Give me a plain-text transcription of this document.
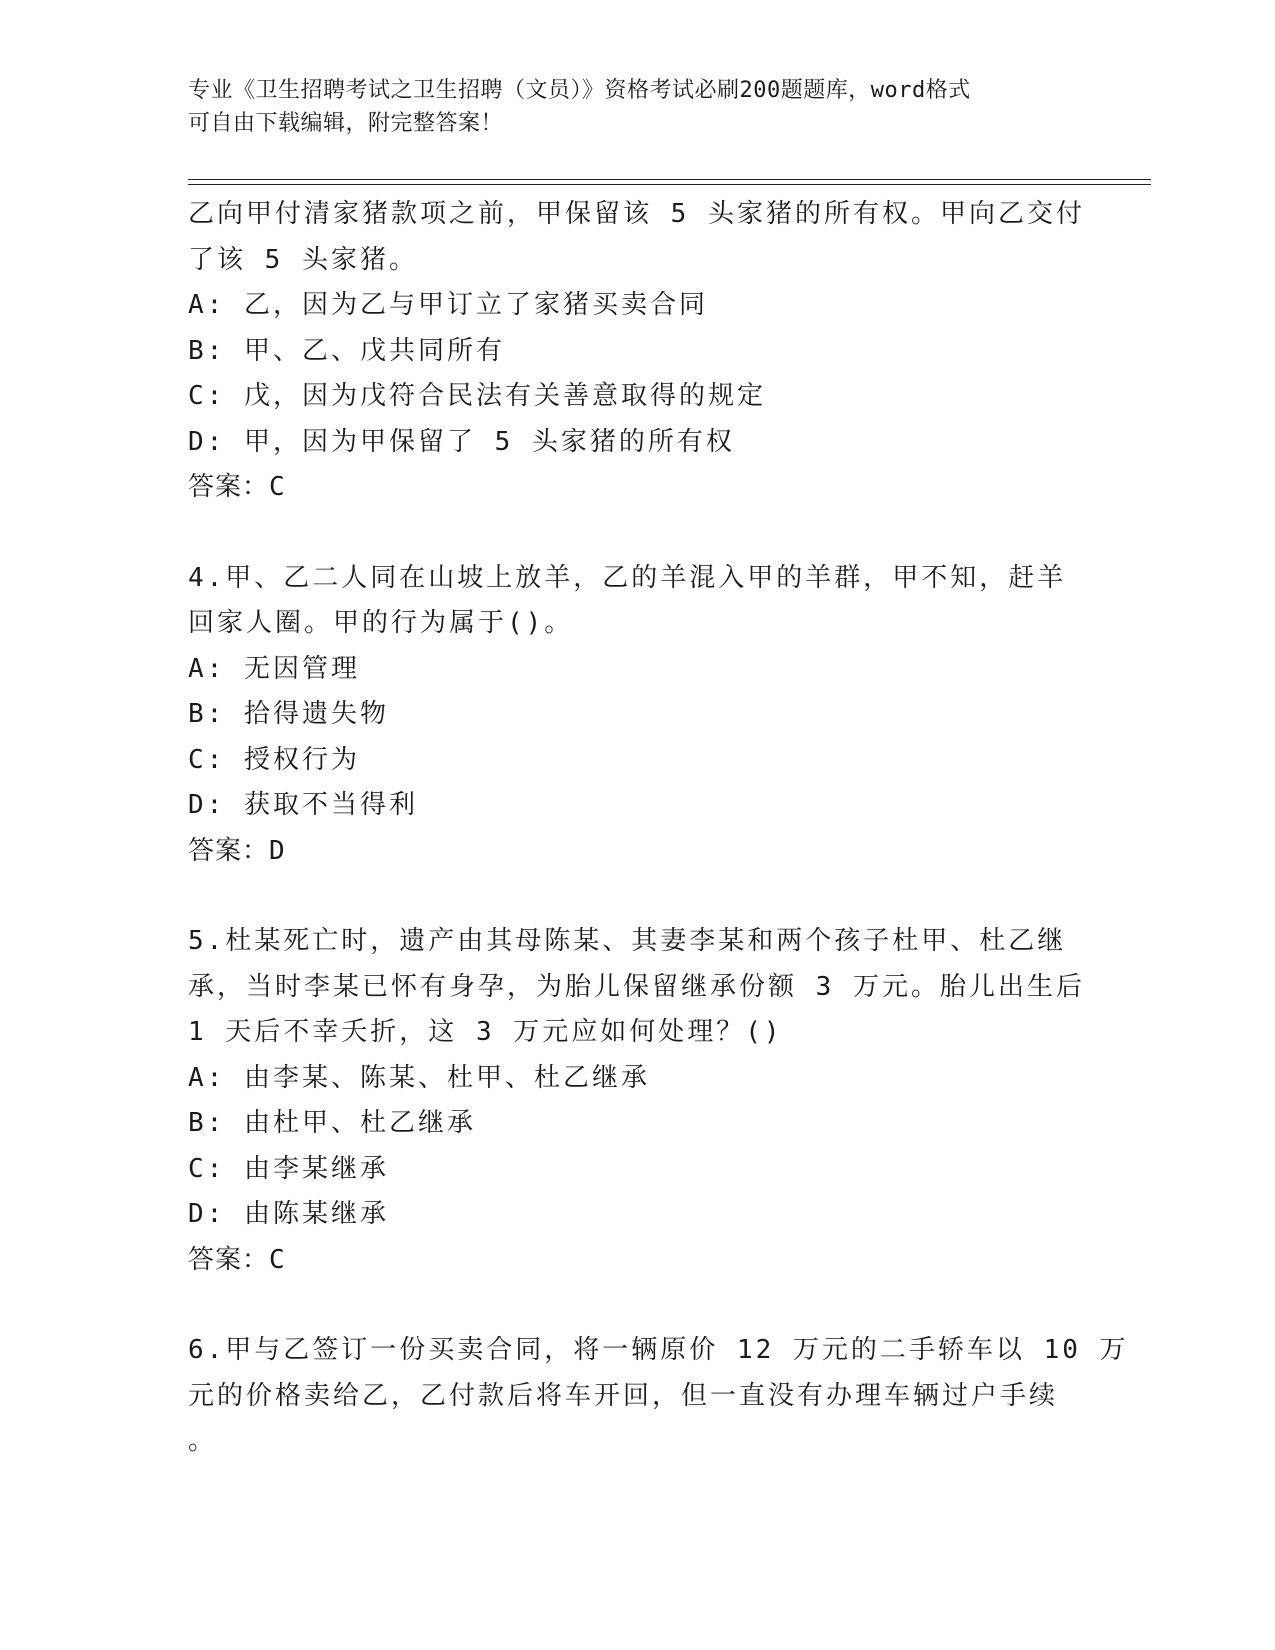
专业《卫生招聘考试之卫生招聘（文员）》资格考试必刷200题题库，word格式
可自由下载编辑，附完整答案！
乙向甲付清家猪款项之前，甲保留该 5 头家猪的所有权。甲向乙交付
了该 5 头家猪。
A: 乙，因为乙与甲订立了家猪买卖合同
B: 甲、乙、戊共同所有
C: 戊，因为戊符合民法有关善意取得的规定
D: 甲，因为甲保留了 5 头家猪的所有权
答案：C
4.甲、乙二人同在山坡上放羊，乙的羊混入甲的羊群，甲不知，赶羊
回家人圈。甲的行为属于()。
A: 无因管理
B: 拾得遗失物
C: 授权行为
D: 获取不当得利
答案：D
5.杜某死亡时，遗产由其母陈某、其妻李某和两个孩子杜甲、杜乙继
承，当时李某已怀有身孕，为胎儿保留继承份额 3 万元。胎儿出生后
1 天后不幸夭折，这 3 万元应如何处理？()
A: 由李某、陈某、杜甲、杜乙继承
B: 由杜甲、杜乙继承
C: 由李某继承
D: 由陈某继承
答案：C
6.甲与乙签订一份买卖合同，将一辆原价 12 万元的二手轿车以 10 万
元的价格卖给乙，乙付款后将车开回，但一直没有办理车辆过户手续
。
